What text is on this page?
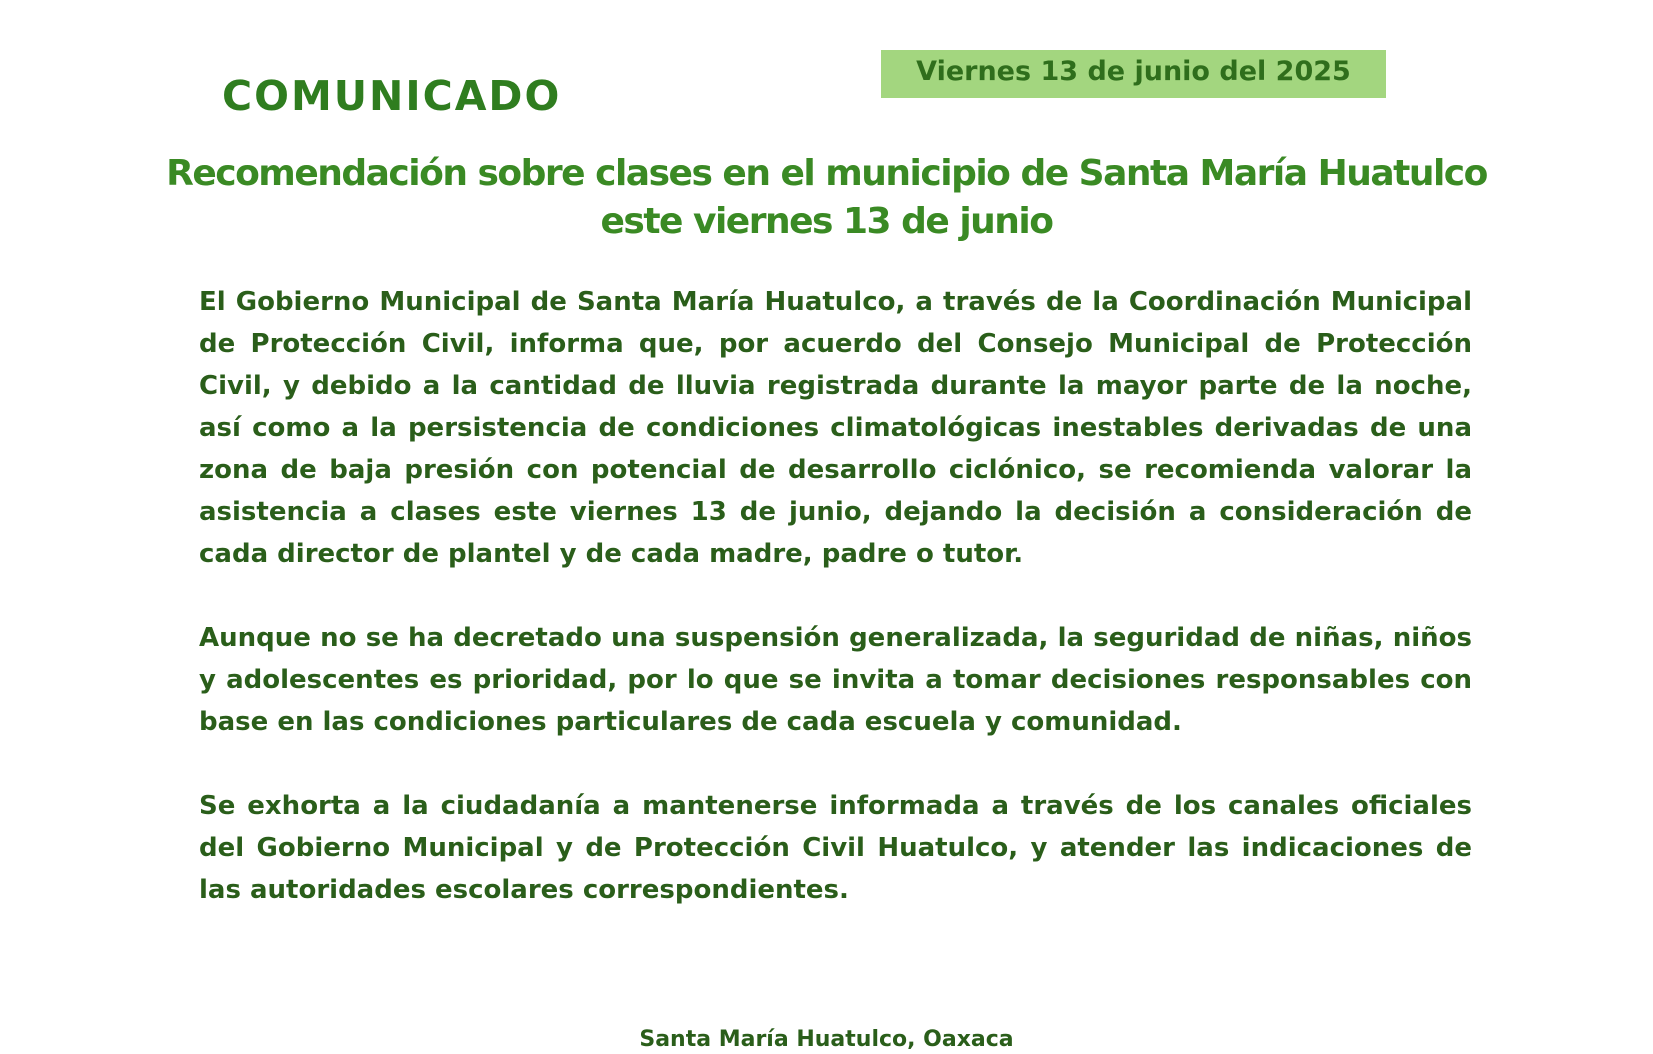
COMUNICADO
Viernes 13 de junio del 2025
Recomendación sobre clases en el municipio de Santa María Huatulco
este viernes 13 de junio

El Gobierno Municipal de Santa María Huatulco, a través de la Coordinación Municipal de Protección Civil, informa que, por acuerdo del Consejo Municipal de Protección Civil, y debido a la cantidad de lluvia registrada durante la mayor parte de la noche, así como a la persistencia de condiciones climatológicas inestables derivadas de una zona de baja presión con potencial de desarrollo ciclónico, se recomienda valorar la asistencia a clases este viernes 13 de junio, dejando la decisión a consideración de cada director de plantel y de cada madre, padre o tutor.

Aunque no se ha decretado una suspensión generalizada, la seguridad de niñas, niños y adolescentes es prioridad, por lo que se invita a tomar decisiones responsables con base en las condiciones particulares de cada escuela y comunidad.

Se exhorta a la ciudadanía a mantenerse informada a través de los canales oficiales del Gobierno Municipal y de Protección Civil Huatulco, y atender las indicaciones de las autoridades escolares correspondientes.

Santa María Huatulco, Oaxaca
